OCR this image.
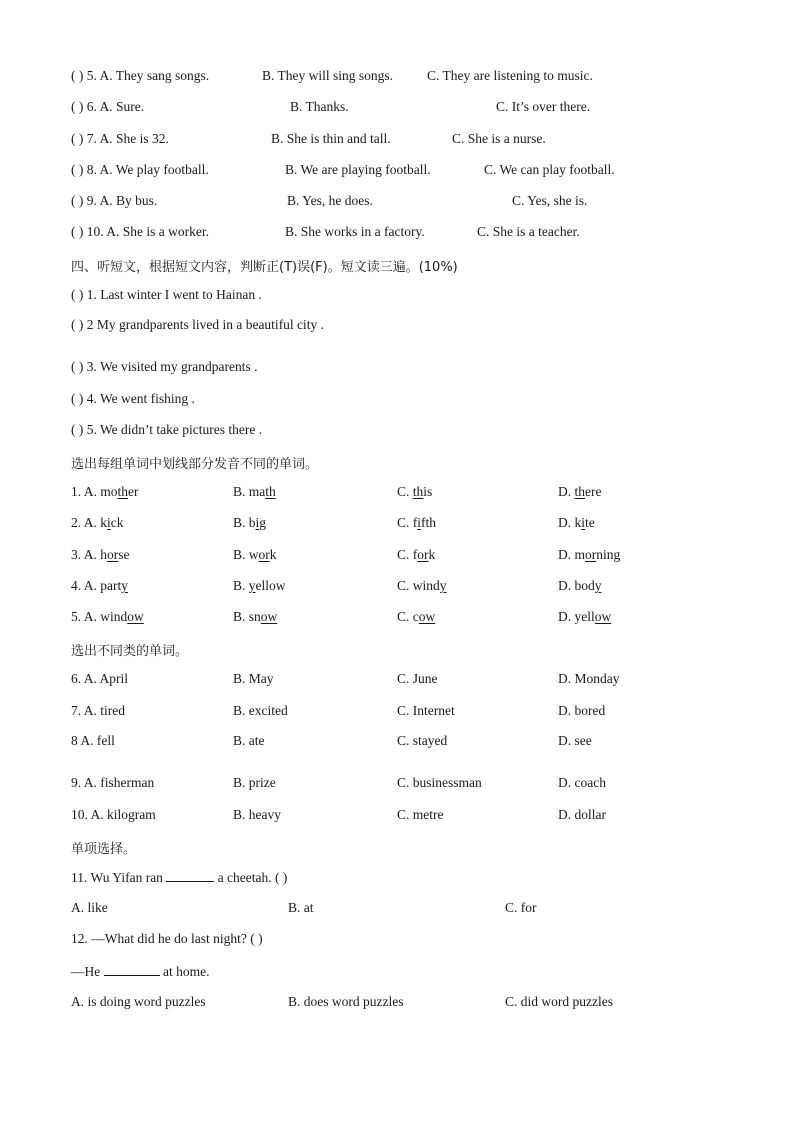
( ) 5. A. They sang songs.	B. They will sing songs.	C. They are listening to music.
( ) 6. A. Sure.	B. Thanks.	C. It’s over there.
( ) 7. A. She is 32.	B. She is thin and tall.	C. She is a nurse.
( ) 8. A. We play football.	B. We are playing football.	C. We can play football.
( ) 9. A. By bus.	B. Yes, he does.	C. Yes, she is.
( ) 10. A. She is a worker.	B. She works in a factory.	C. She is a teacher.
四、听短文，根据短文内容，判断正(T)误(F)。短文读三遍。(10%)
( ) 1. Last winter I went to Hainan .
( ) 2 My grandparents lived in a beautiful city .
( ) 3. We visited my grandparents .
( ) 4. We went fishing .
( ) 5. We didn’t take pictures there .
选出每组单词中划线部分发音不同的单词。
1. A. mother	B. math	C. this	D. there
2. A. kick	B. big	C. fifth	D. kite
3. A. horse	B. work	C. fork	D. morning
4. A. party	B. yellow	C. windy	D. body
5. A. window	B. snow	C. cow	D. yellow
选出不同类的单词。
6. A. April	B. May	C. June	D. Monday
7. A. tired	B. excited	C. Internet	D. bored
8 A. fell	B. ate	C. stayed	D. see
9. A. fisherman	B. prize	C. businessman	D. coach
10. A. kilogram	B. heavy	C. metre	D. dollar
单项选择。
11. Wu Yifan ran	a cheetah. ( )
A. like	B. at	C. for
12. —What did he do last night? ( )
—He	at home.
A. is doing word puzzles	B. does word puzzles	C. did word puzzles
